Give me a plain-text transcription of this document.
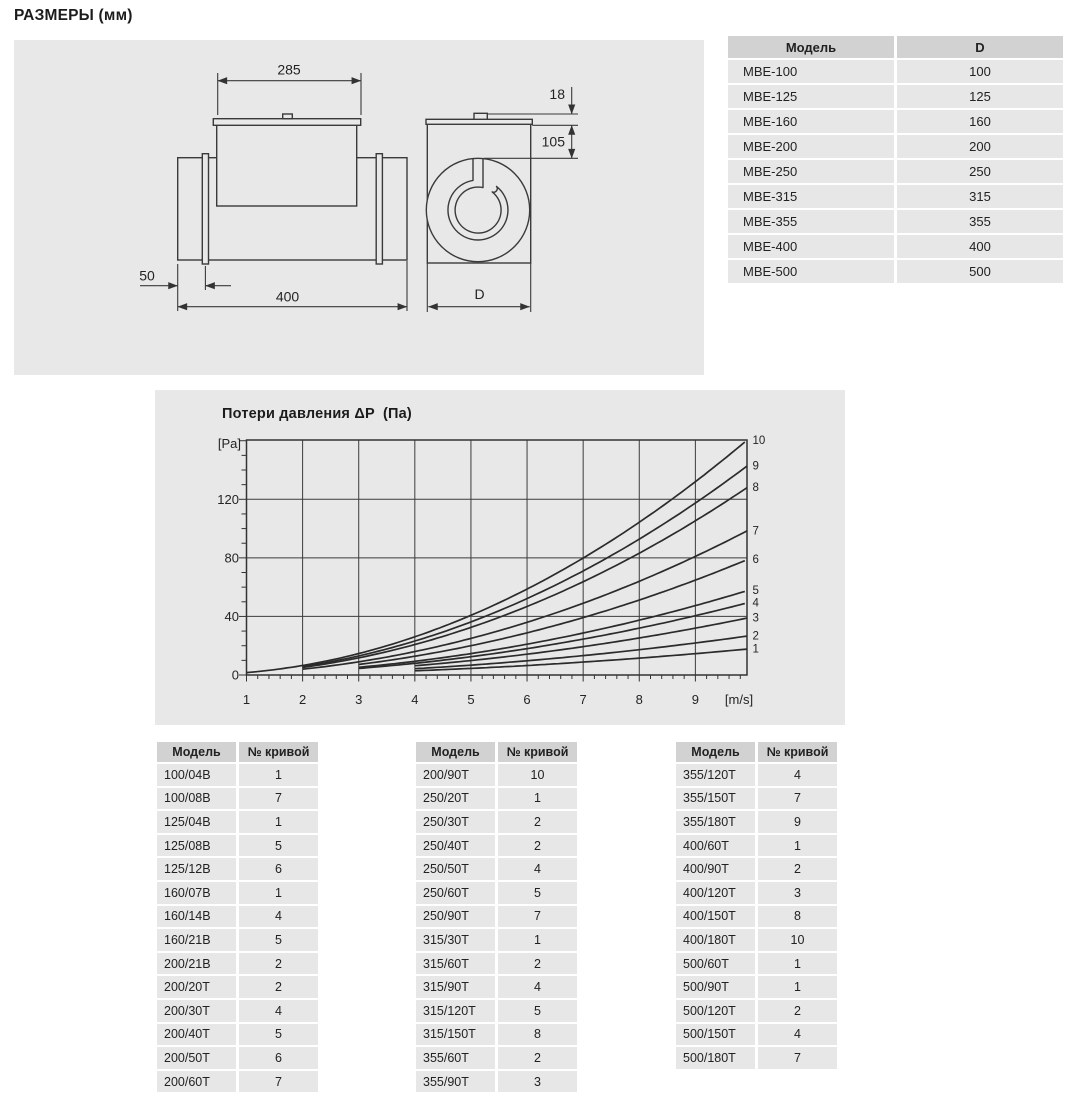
РАЗМЕРЫ (мм)
285
50
400	D
18
105
Модель	D
MBE-100	100
MBE-125	125
MBE-160	160
MBE-200	200
MBE-250	250
MBE-315	315
MBE-355	355
MBE-400	400
MBE-500	500
Потери давления ΔP  (Па)
1	2	3	4	5	6	7	8	9
0
40
80
120
[m/s]
[Pa]
1
2
3
4
5
6
7
8
9
10
Модель	№ кривой
100/04B	1
100/08B	7
125/04B	1
125/08B	5
125/12B	6
160/07B	1
160/14B	4
160/21B	5
200/21B	2
200/20T	2
200/30T	4
200/40T	5
200/50T	6
200/60T	7
Модель	№ кривой
200/90T	10
250/20T	1
250/30T	2
250/40T	2
250/50T	4
250/60T	5
250/90T	7
315/30T	1
315/60T	2
315/90T	4
315/120T	5
315/150T	8
355/60T	2
355/90T	3
Модель	№ кривой
355/120T	4
355/150T	7
355/180T	9
400/60T	1
400/90T	2
400/120T	3
400/150T	8
400/180T	10
500/60T	1
500/90T	1
500/120T	2
500/150T	4
500/180T	7
